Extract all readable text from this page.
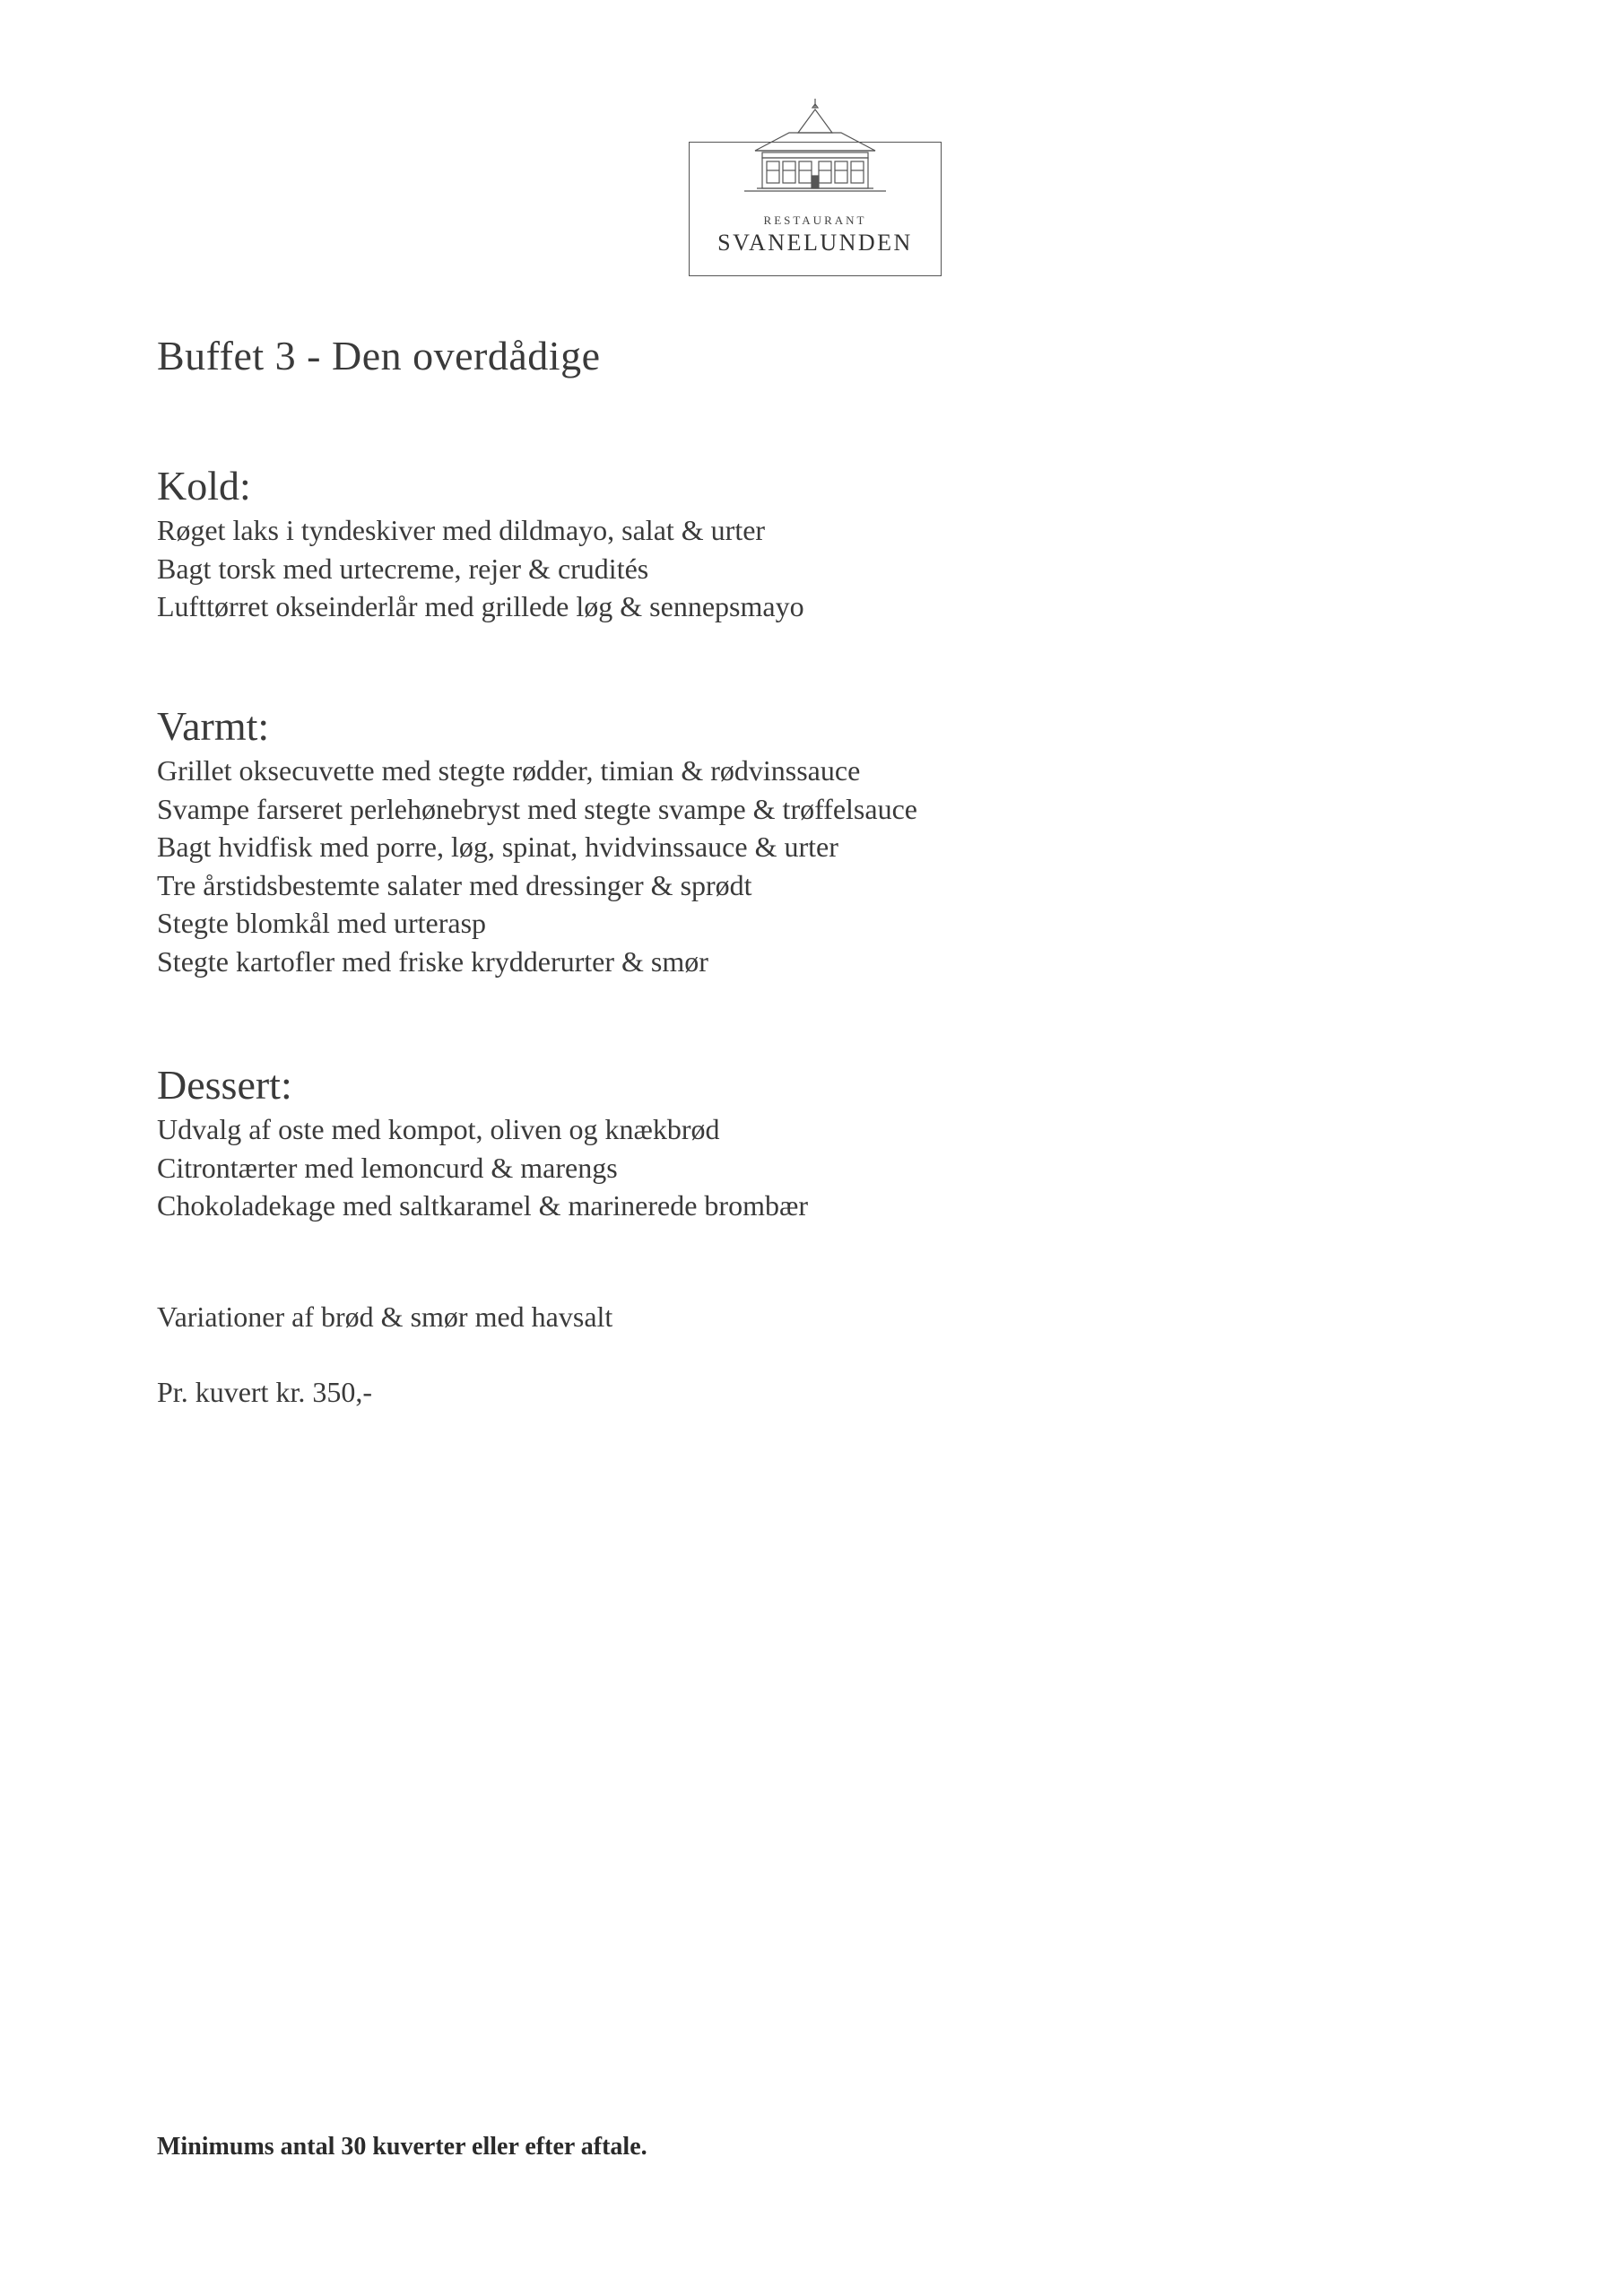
RESTAURANT
SVANELUNDEN
Buffet 3 - Den overdådige
Kold:
Røget laks i tyndeskiver med dildmayo, salat & urter
Bagt torsk med urtecreme, rejer & crudités
Lufttørret okseinderlår med grillede løg & sennepsmayo
Varmt:
Grillet oksecuvette med stegte rødder, timian & rødvinssauce
Svampe farseret perlehønebryst med stegte svampe & trøffelsauce
Bagt hvidfisk med porre, løg, spinat, hvidvinssauce & urter
Tre årstidsbestemte salater med dressinger & sprødt
Stegte blomkål med urterasp
Stegte kartofler med friske krydderurter & smør
Dessert:
Udvalg af oste med kompot, oliven og knækbrød
Citrontærter med lemoncurd & marengs
Chokoladekage med saltkaramel & marinerede brombær
Variationer af brød & smør med havsalt
Pr. kuvert kr. 350,-
Minimums antal 30 kuverter eller efter aftale.
